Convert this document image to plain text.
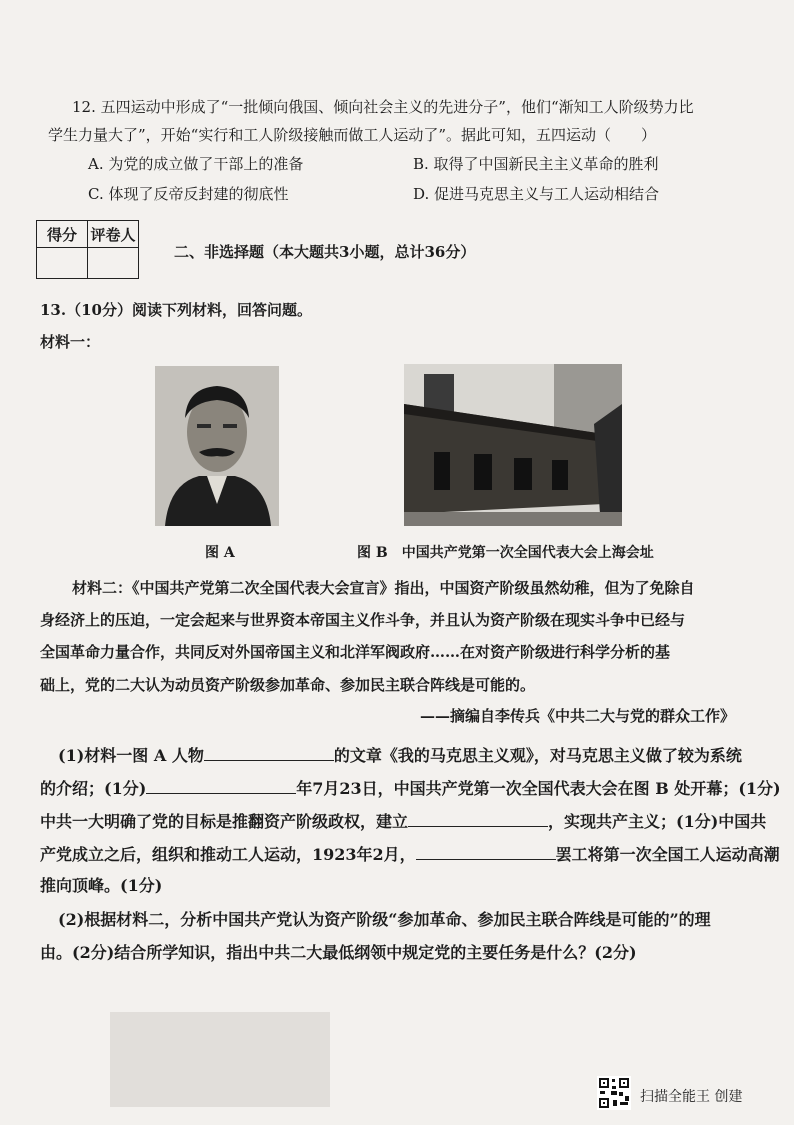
12. 五四运动中形成了“一批倾向俄国、倾向社会主义的先进分子”，他们“渐知工人阶级势力比
学生力量大了”，开始“实行和工人阶级接触而做工人运动了”。据此可知，五四运动（　　）
A. 为党的成立做了干部上的准备	B. 取得了中国新民主主义革命的胜利
C. 体现了反帝反封建的彻底性	D. 促进马克思主义与工人运动相结合
得分	评卷人

二、非选择题（本大题共3小题，总计36分）
13.（10分）阅读下列材料，回答问题。
材料一：
图 A	图 B　中国共产党第一次全国代表大会上海会址
材料二：《中国共产党第二次全国代表大会宣言》指出，中国资产阶级虽然幼稚，但为了免除自
身经济上的压迫，一定会起来与世界资本帝国主义作斗争，并且认为资产阶级在现实斗争中已经与
全国革命力量合作，共同反对外国帝国主义和北洋军阀政府……在对资产阶级进行科学分析的基
础上，党的二大认为动员资产阶级参加革命、参加民主联合阵线是可能的。
——摘编自李传兵《中共二大与党的群众工作》
(1)材料一图 A 人物	的文章《我的马克思主义观》，对马克思主义做了较为系统
的介绍；(1分)	年7月23日，中国共产党第一次全国代表大会在图 B 处开幕；(1分)
中共一大明确了党的目标是推翻资产阶级政权，建立	，实现共产主义；(1分)中国共
产党成立之后，组织和推动工人运动，1923年2月，	罢工将第一次全国工人运动高潮
推向顶峰。(1分)
(2)根据材料二，分析中国共产党认为资产阶级“参加革命、参加民主联合阵线是可能的”的理
由。(2分)结合所学知识，指出中共二大最低纲领中规定党的主要任务是什么？(2分)
扫描全能王 创建
